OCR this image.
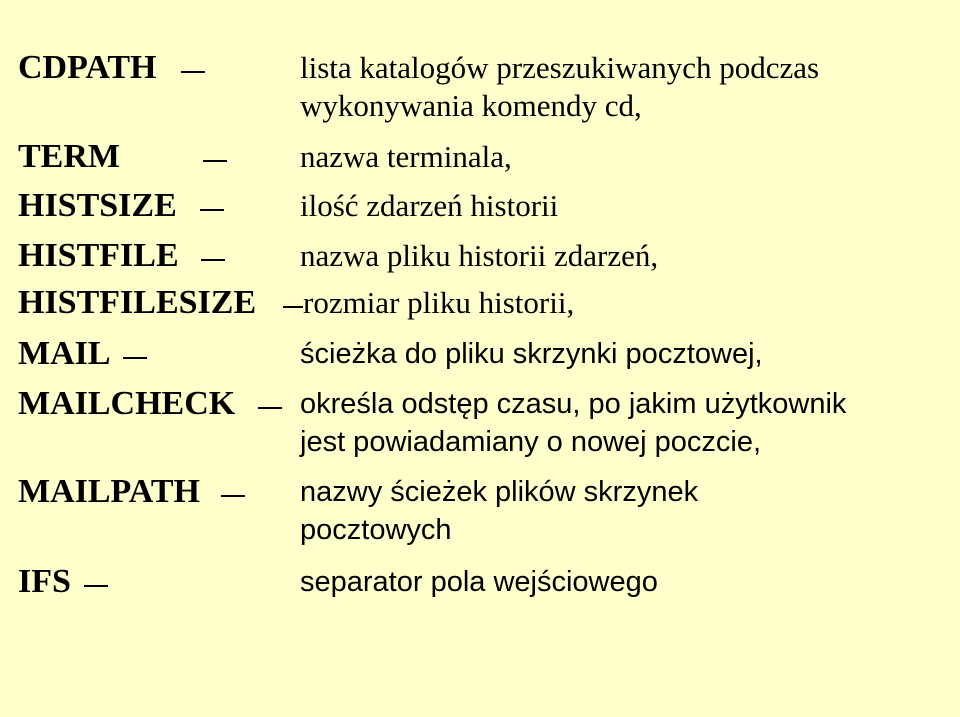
CDPATH	lista katalogów przeszukiwanych podczas
wykonywania komendy cd,
TERM	nazwa terminala,
HISTSIZE	ilość zdarzeń historii
HISTFILE	nazwa pliku historii zdarzeń,
HISTFILESIZE rozmiar pliku historii,
MAIL	ścieżka do pliku skrzynki pocztowej,
MAILCHECK określa odstęp czasu, po jakim użytkownik
jest powiadamiany o nowej poczcie,
MAILPATH	nazwy ścieżek plików skrzynek
pocztowych
IFS	separator pola wejściowego
